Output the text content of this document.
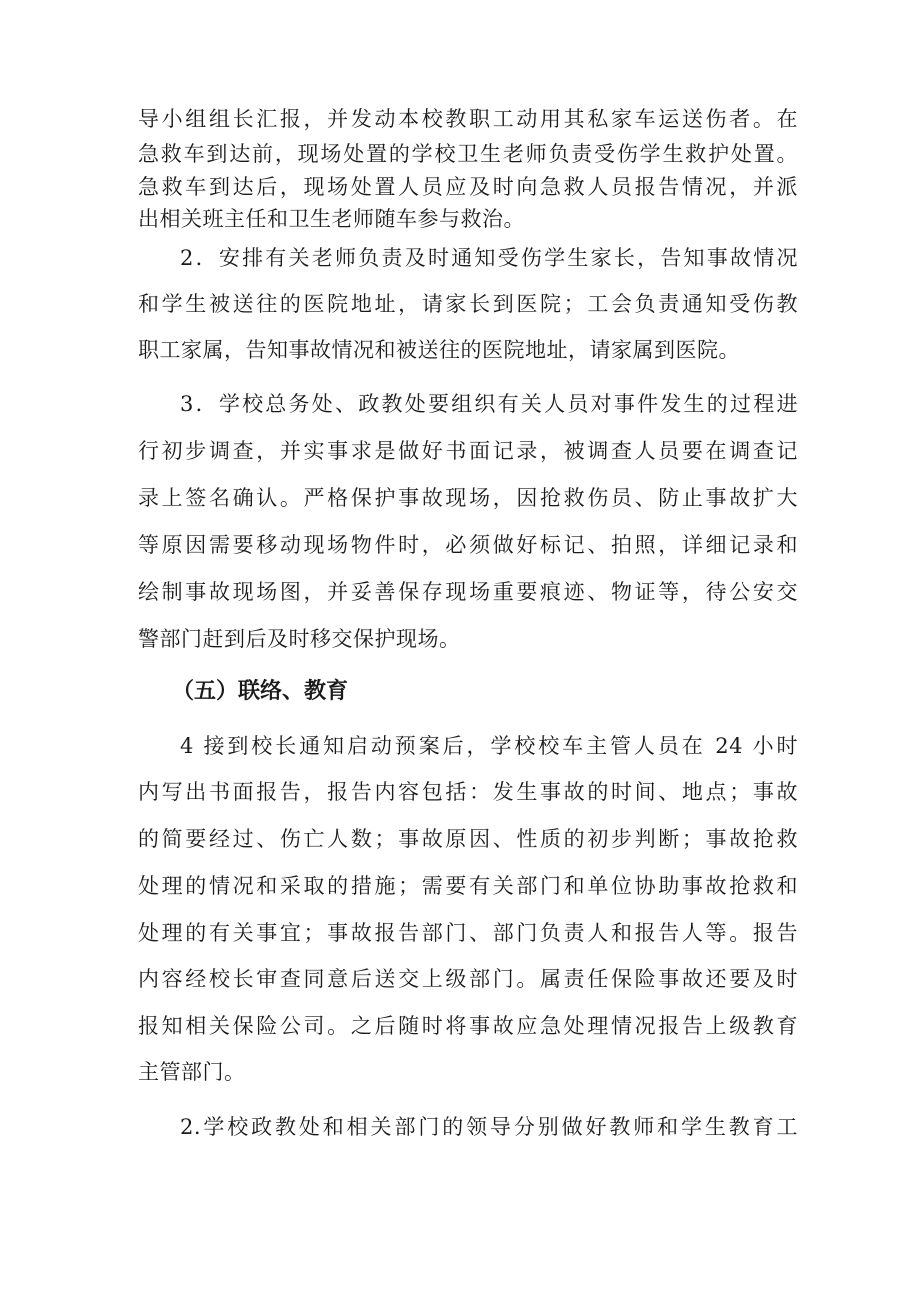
导小组组长汇报，并发动本校教职工动用其私家车运送伤者。在
急救车到达前，现场处置的学校卫生老师负责受伤学生救护处置。
急救车到达后，现场处置人员应及时向急救人员报告情况，并派
出相关班主任和卫生老师随车参与救治。
2．安排有关老师负责及时通知受伤学生家长，告知事故情况
和学生被送往的医院地址，请家长到医院；工会负责通知受伤教
职工家属，告知事故情况和被送往的医院地址，请家属到医院。
3．学校总务处、政教处要组织有关人员对事件发生的过程进
行初步调查，并实事求是做好书面记录，被调查人员要在调查记
录上签名确认。严格保护事故现场，因抢救伤员、防止事故扩大
等原因需要移动现场物件时，必须做好标记、拍照，详细记录和
绘制事故现场图，并妥善保存现场重要痕迹、物证等，待公安交
警部门赶到后及时移交保护现场。
（五）联络、教育
4 接到校长通知启动预案后，学校校车主管人员在 24 小时
内写出书面报告，报告内容包括：发生事故的时间、地点；事故
的简要经过、伤亡人数；事故原因、性质的初步判断；事故抢救
处理的情况和采取的措施；需要有关部门和单位协助事故抢救和
处理的有关事宜；事故报告部门、部门负责人和报告人等。报告
内容经校长审查同意后送交上级部门。属责任保险事故还要及时
报知相关保险公司。之后随时将事故应急处理情况报告上级教育
主管部门。
2.学校政教处和相关部门的领导分别做好教师和学生教育工
